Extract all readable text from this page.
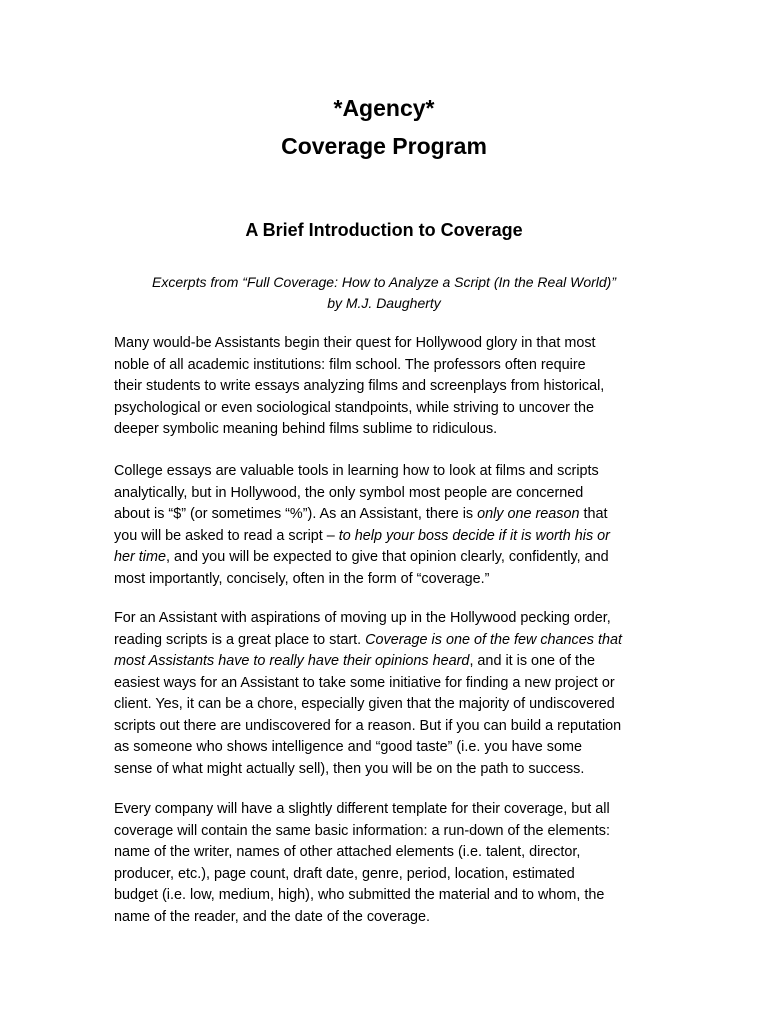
*Agency*
Coverage Program
A Brief Introduction to Coverage

Excerpts from “Full Coverage: How to Analyze a Script (In the Real World)”
by M.J. Daugherty

Many would-be Assistants begin their quest for Hollywood glory in that most
noble of all academic institutions: film school. The professors often require
their students to write essays analyzing films and screenplays from historical,
psychological or even sociological standpoints, while striving to uncover the
deeper symbolic meaning behind films sublime to ridiculous.

College essays are valuable tools in learning how to look at films and scripts
analytically, but in Hollywood, the only symbol most people are concerned
about is “$” (or sometimes “%”). As an Assistant, there is only one reason that
you will be asked to read a script – to help your boss decide if it is worth his or
her time, and you will be expected to give that opinion clearly, confidently, and
most importantly, concisely, often in the form of “coverage.”

For an Assistant with aspirations of moving up in the Hollywood pecking order,
reading scripts is a great place to start. Coverage is one of the few chances that
most Assistants have to really have their opinions heard, and it is one of the
easiest ways for an Assistant to take some initiative for finding a new project or
client. Yes, it can be a chore, especially given that the majority of undiscovered
scripts out there are undiscovered for a reason. But if you can build a reputation
as someone who shows intelligence and “good taste” (i.e. you have some
sense of what might actually sell), then you will be on the path to success.

Every company will have a slightly different template for their coverage, but all
coverage will contain the same basic information: a run-down of the elements:
name of the writer, names of other attached elements (i.e. talent, director,
producer, etc.), page count, draft date, genre, period, location, estimated
budget (i.e. low, medium, high), who submitted the material and to whom, the
name of the reader, and the date of the coverage.
